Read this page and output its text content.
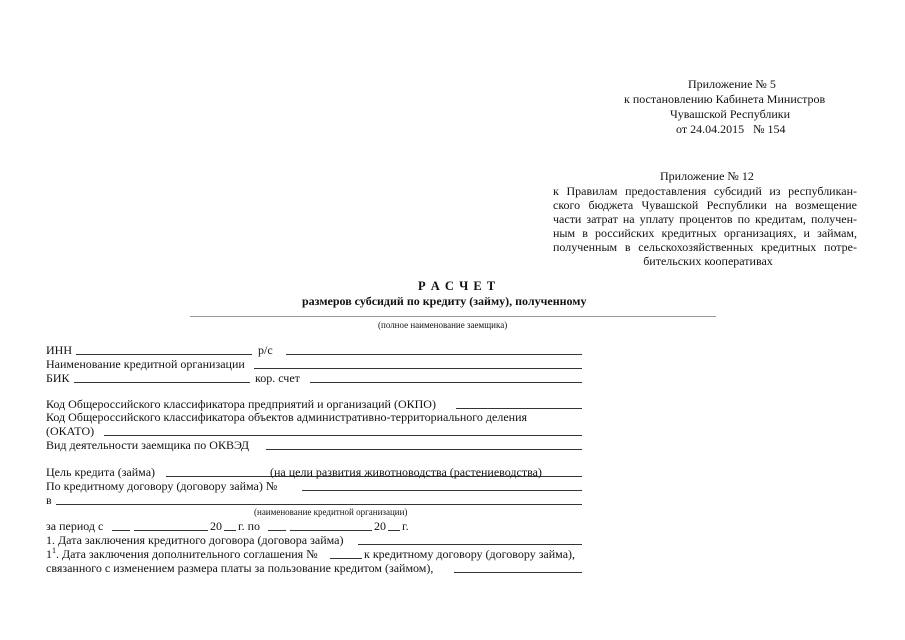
Приложение № 5
к постановлению Кабинета Министров
Чувашской Республики
от 24.04.2015 № 154
Приложение № 12
к Правилам предоставления субсидий из республикан-
ского бюджета Чувашской Республики на возмещение
части затрат на уплату процентов по кредитам, получен-
ным в российских кредитных организациях, и займам,
полученным в сельскохозяйственных кредитных потре-
бительских кооперативах
Р А С Ч Е Т
размеров субсидий по кредиту (займу), полученному
(полное наименование заемщика)
ИНН	р/с
Наименование кредитной организации
БИК	кор. счет
Код Общероссийского классификатора предприятий и организаций (ОКПО)
Код Общероссийского классификатора объектов административно-территориального деления
(ОКАТО)
Вид деятельности заемщика по ОКВЭД
Цель кредита (займа)	(на цели развития животноводства (растениеводства)
По кредитному договору (договору займа) №
в
(наименование кредитной организации)
за период с	20 г. по	20 г.
1. Дата заключения кредитного договора (договора займа)
$1^1$. Дата заключения дополнительного соглашения №	к кредитному договору (договору займа),
связанного с изменением размера платы за пользование кредитом (займом),
